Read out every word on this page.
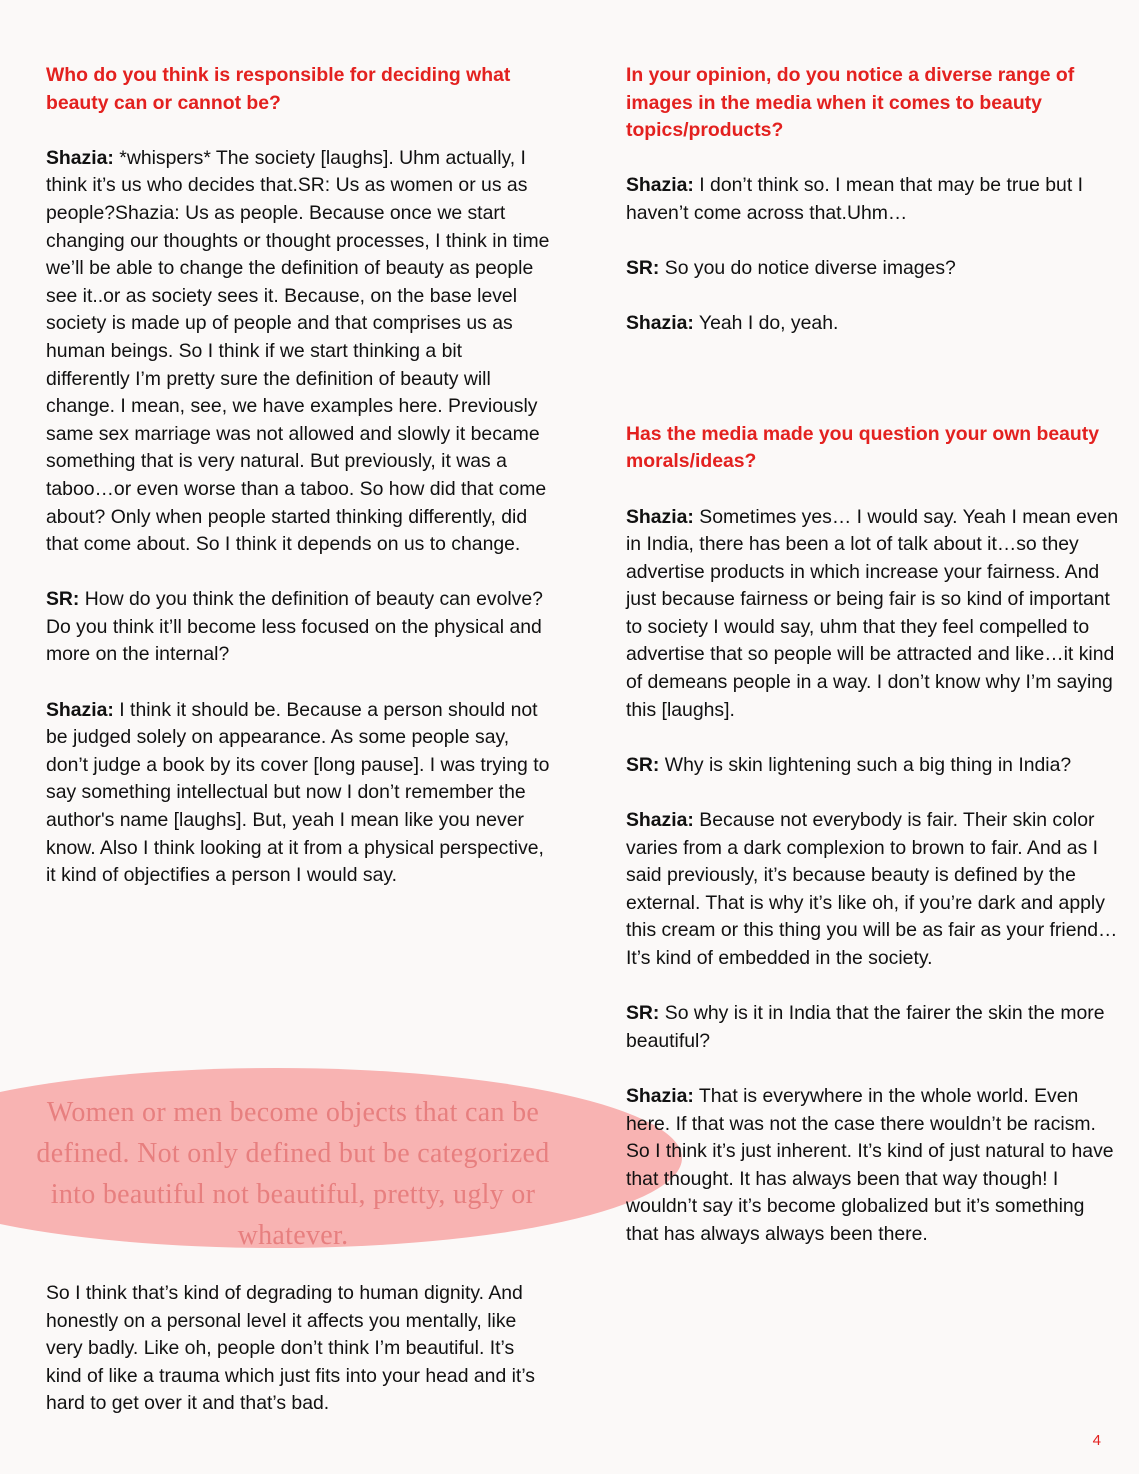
Who do you think is responsible for deciding what beauty can or cannot be?

Shazia: *whispers* The society [laughs]. Uhm actually, I think it’s us who decides that.SR: Us as women or us as people?Shazia: Us as people. Because once we start changing our thoughts or thought processes, I think in time we’ll be able to change the definition of beauty as people see it..or as society sees it. Because, on the base level society is made up of people and that comprises us as human beings. So I think if we start thinking a bit differently I’m pretty sure the definition of beauty will change. I mean, see, we have examples here. Previously same sex marriage was not allowed and slowly it became something that is very natural. But previously, it was a taboo…or even worse than a taboo. So how did that come about? Only when people started thinking differently, did that come about. So I think it depends on us to change.

SR: How do you think the definition of beauty can evolve? Do you think it’ll become less focused on the physical and more on the internal?

Shazia: I think it should be. Because a person should not be judged solely on appearance. As some people say, don’t judge a book by its cover [long pause]. I was trying to say something intellectual but now I don’t remember the author's name [laughs]. But, yeah I mean like you never know. Also I think looking at it from a physical perspective, it kind of objectifies a person I would say.

Women or men become objects that can be defined. Not only defined but be categorized into beautiful not beautiful, pretty, ugly or whatever.
So I think that’s kind of degrading to human dignity. And honestly on a personal level it affects you mentally, like very badly. Like oh, people don’t think I’m beautiful. It’s kind of like a trauma which just fits into your head and it’s hard to get over it and that’s bad.

In your opinion, do you notice a diverse range of images in the media when it comes to beauty topics/products?

Shazia: I don’t think so. I mean that may be true but I haven’t come across that.Uhm…

SR: So you do notice diverse images?

Shazia: Yeah I do, yeah.

Has the media made you question your own beauty morals/ideas?

Shazia: Sometimes yes… I would say. Yeah I mean even in India, there has been a lot of talk about it…so they advertise products in which increase your fairness. And just because fairness or being fair is so kind of important to society I would say, uhm that they feel compelled to advertise that so people will be attracted and like…it kind of demeans people in a way. I don’t know why I’m saying this [laughs].

SR: Why is skin lightening such a big thing in India?

Shazia: Because not everybody is fair. Their skin color varies from a dark complexion to brown to fair. And as I said previously, it’s because beauty is defined by the external. That is why it’s like oh, if you’re dark and apply this cream or this thing you will be as fair as your friend…It’s kind of embedded in the society.

SR: So why is it in India that the fairer the skin the more beautiful?

Shazia: That is everywhere in the whole world. Even here. If that was not the case there wouldn’t be racism. So I think it’s just inherent. It’s kind of just natural to have that thought. It has always been that way though! I wouldn’t say it’s become globalized but it’s something that has always always been there.

4
